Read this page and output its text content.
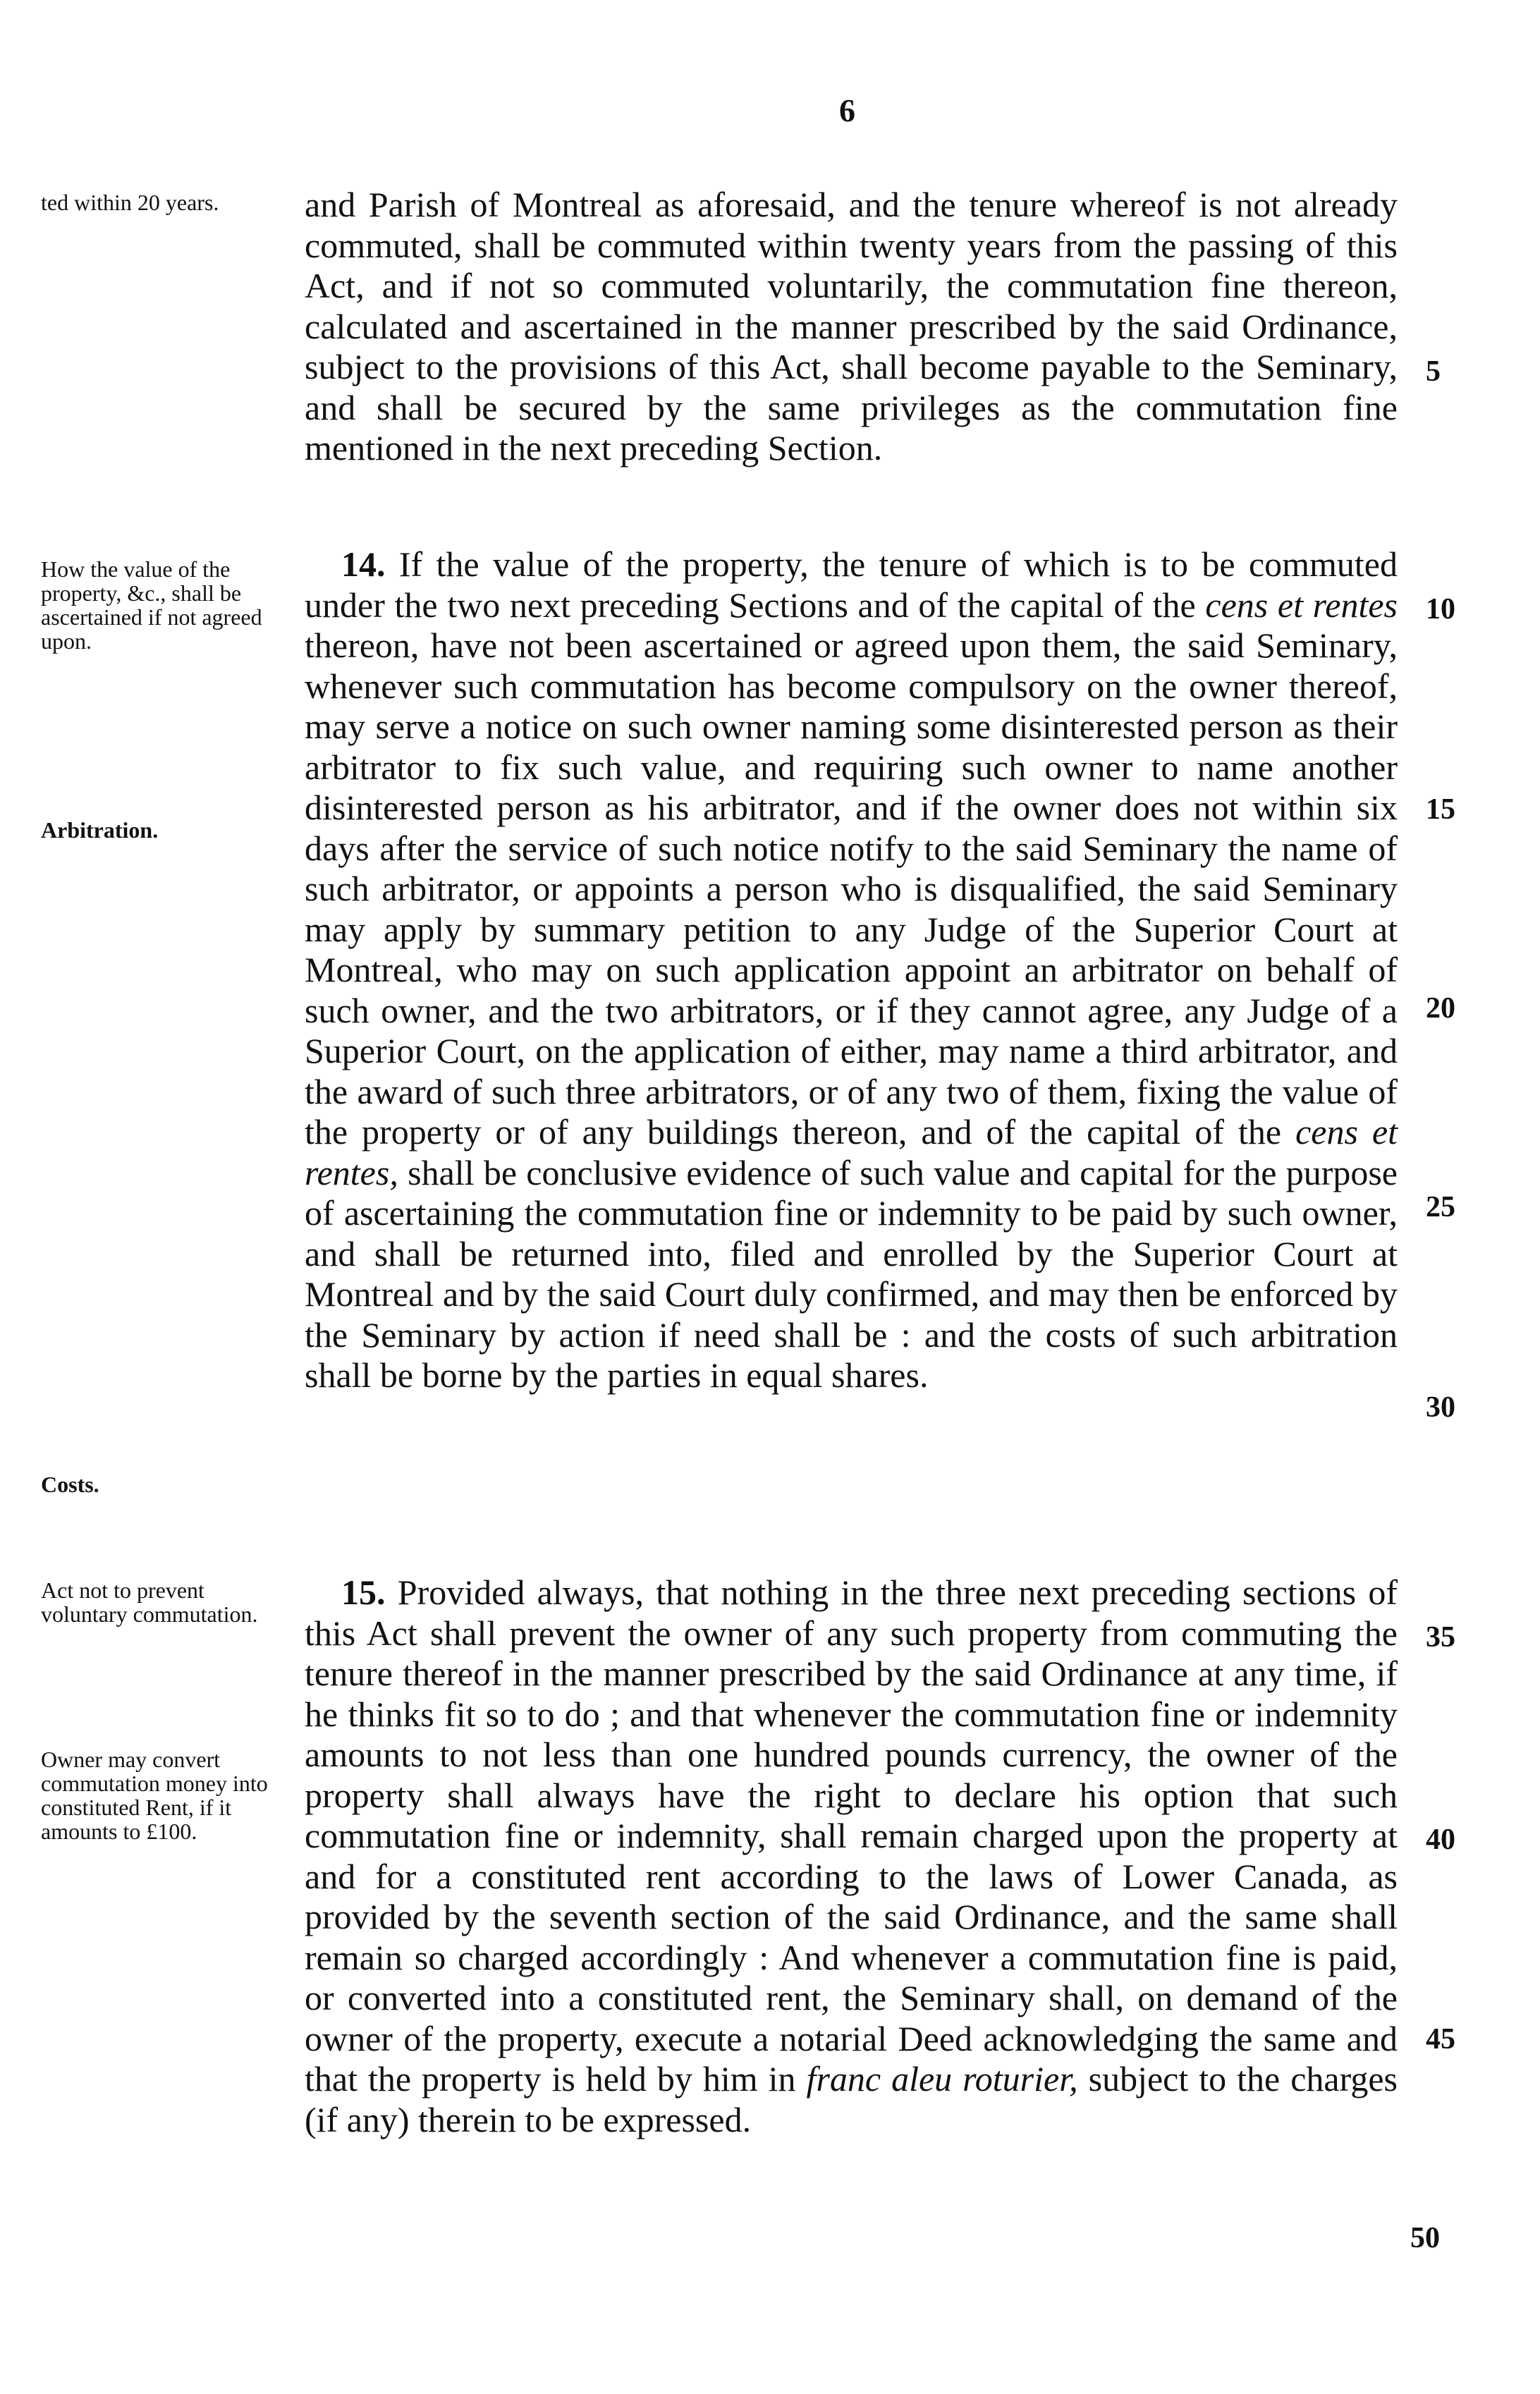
6
ted within 20 years.
How the value of the property, &c., shall be ascertained if not agreed upon.
Arbitration.
Costs.
Act not to prevent voluntary commutation.
Owner may convert commutation money into constituted Rent, if it amounts to £100.

and Parish of Montreal as aforesaid, and the tenure whereof is not already commuted, shall be commuted within twenty years from the passing of this Act, and if not so commuted voluntarily, the commutation fine thereon, calculated and ascertained in the manner prescribed by the said Ordinance, subject to the provisions of this Act, shall become payable to the Seminary, and shall be secured by the same privileges as the commutation fine mentioned in the next preceding Section.

14. If the value of the property, the tenure of which is to be commuted under the two next preceding Sections and of the capital of the cens et rentes thereon, have not been ascertained or agreed upon them, the said Seminary, whenever such commutation has become compulsory on the owner thereof, may serve a notice on such owner naming some disinterested person as their arbitrator to fix such value, and requiring such owner to name another disinterested person as his arbitrator, and if the owner does not within six days after the service of such notice notify to the said Seminary the name of such arbitrator, or appoints a person who is disqualified, the said Seminary may apply by summary petition to any Judge of the Superior Court at Montreal, who may on such application appoint an arbitrator on behalf of such owner, and the two arbitrators, or if they cannot agree, any Judge of a Superior Court, on the application of either, may name a third arbitrator, and the award of such three arbitrators, or of any two of them, fixing the value of the property or of any buildings thereon, and of the capital of the cens et rentes, shall be conclusive evidence of such value and capital for the purpose of ascertaining the commutation fine or indemnity to be paid by such owner, and shall be returned into, filed and enrolled by the Superior Court at Montreal and by the said Court duly confirmed, and may then be enforced by the Seminary by action if need shall be : and the costs of such arbitration shall be borne by the parties in equal shares.

15. Provided always, that nothing in the three next preceding sections of this Act shall prevent the owner of any such property from commuting the tenure thereof in the manner prescribed by the said Ordinance at any time, if he thinks fit so to do ; and that whenever the commutation fine or indemnity amounts to not less than one hundred pounds currency, the owner of the property shall always have the right to declare his option that such commutation fine or indemnity, shall remain charged upon the property at and for a constituted rent according to the laws of Lower Canada, as provided by the seventh section of the said Ordinance, and the same shall remain so charged accordingly : And whenever a commutation fine is paid, or converted into a constituted rent, the Seminary shall, on demand of the owner of the property, execute a notarial Deed acknowledging the same and that the property is held by him in franc aleu roturier, subject to the charges (if any) therein to be expressed.

5
10
15
20
25
30
35
40
45
50
